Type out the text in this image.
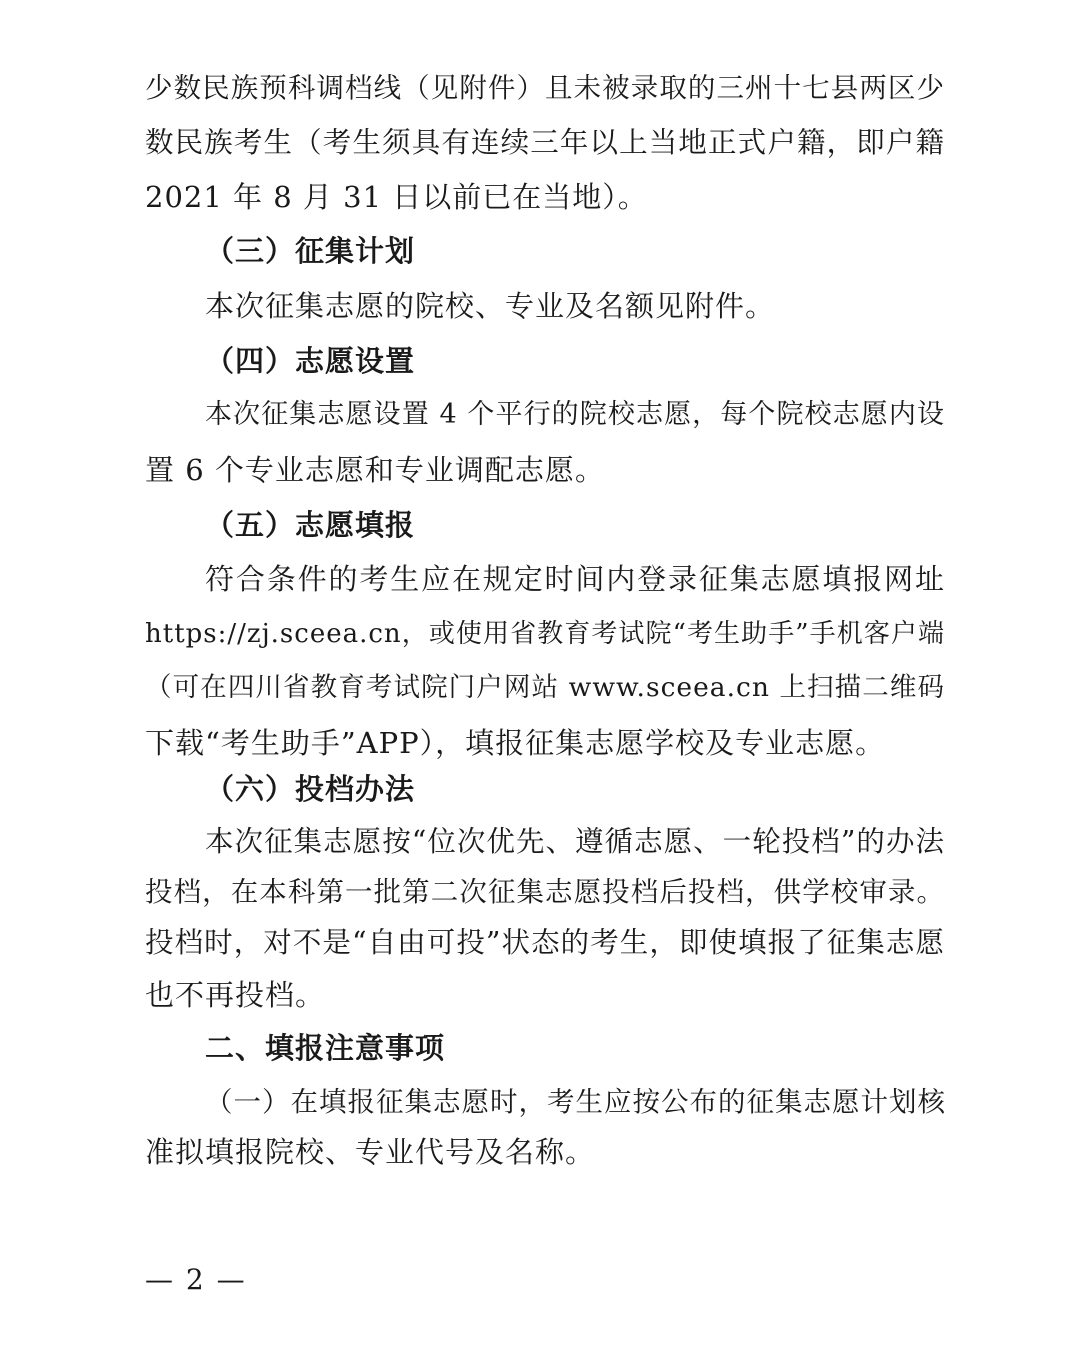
少数民族预科调档线（见附件）且未被录取的三州十七县两区少
数民族考生（考生须具有连续三年以上当地正式户籍，即户籍
2021 年 8 月 31 日以前已在当地）。
（三）征集计划
本次征集志愿的院校、专业及名额见附件。
（四）志愿设置
本次征集志愿设置 4 个平行的院校志愿，每个院校志愿内设
置 6 个专业志愿和专业调配志愿。
（五）志愿填报
符合条件的考生应在规定时间内登录征集志愿填报网址
https://zj.sceea.cn，或使用省教育考试院“考生助手”手机客户端
（可在四川省教育考试院门户网站 www.sceea.cn 上扫描二维码
下载“考生助手”APP），填报征集志愿学校及专业志愿。
（六）投档办法
本次征集志愿按“位次优先、遵循志愿、一轮投档”的办法
投档，在本科第一批第二次征集志愿投档后投档，供学校审录。
投档时，对不是“自由可投”状态的考生，即使填报了征集志愿
也不再投档。
二、填报注意事项
（一）在填报征集志愿时，考生应按公布的征集志愿计划核
准拟填报院校、专业代号及名称。
— 2 —
